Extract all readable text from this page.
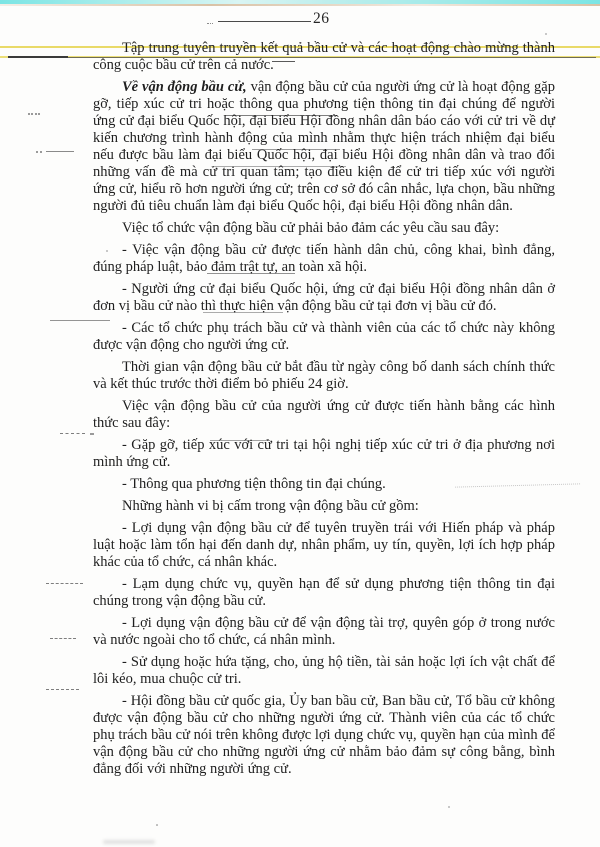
26

Tập trung tuyên truyền kết quả bầu cử và các hoạt động chào mừng thành công cuộc bầu cử trên cả nước.

Về vận động bầu cử, vận động bầu cử của người ứng cử là hoạt động gặp gỡ, tiếp xúc cử tri hoặc thông qua phương tiện thông tin đại chúng để người ứng cử đại biểu Quốc hội, đại biểu Hội đồng nhân dân báo cáo với cử tri về dự kiến chương trình hành động của mình nhằm thực hiện trách nhiệm đại biểu nếu được bầu làm đại biểu Quốc hội, đại biểu Hội đồng nhân dân và trao đổi những vấn đề mà cử tri quan tâm; tạo điều kiện để cử tri tiếp xúc với người ứng cử, hiểu rõ hơn người ứng cử; trên cơ sở đó cân nhắc, lựa chọn, bầu những người đủ tiêu chuẩn làm đại biểu Quốc hội, đại biểu Hội đồng nhân dân.

Việc tổ chức vận động bầu cử phải bảo đảm các yêu cầu sau đây:

- Việc vận động bầu cử được tiến hành dân chủ, công khai, bình đẳng, đúng pháp luật, bảo đảm trật tự, an toàn xã hội.

- Người ứng cử đại biểu Quốc hội, ứng cử đại biểu Hội đồng nhân dân ở đơn vị bầu cử nào thì thực hiện vận động bầu cử tại đơn vị bầu cử đó.

- Các tổ chức phụ trách bầu cử và thành viên của các tổ chức này không được vận động cho người ứng cử.

Thời gian vận động bầu cử bắt đầu từ ngày công bố danh sách chính thức và kết thúc trước thời điểm bỏ phiếu 24 giờ.

Việc vận động bầu cử của người ứng cử được tiến hành bằng các hình thức sau đây:

- Gặp gỡ, tiếp xúc với cử tri tại hội nghị tiếp xúc cử tri ở địa phương nơi mình ứng cử.

- Thông qua phương tiện thông tin đại chúng.

Những hành vi bị cấm trong vận động bầu cử gồm:

- Lợi dụng vận động bầu cử để tuyên truyền trái với Hiến pháp và pháp luật hoặc làm tổn hại đến danh dự, nhân phẩm, uy tín, quyền, lợi ích hợp pháp khác của tổ chức, cá nhân khác.

- Lạm dụng chức vụ, quyền hạn để sử dụng phương tiện thông tin đại chúng trong vận động bầu cử.

- Lợi dụng vận động bầu cử để vận động tài trợ, quyên góp ở trong nước và nước ngoài cho tổ chức, cá nhân mình.

- Sử dụng hoặc hứa tặng, cho, ủng hộ tiền, tài sản hoặc lợi ích vật chất để lôi kéo, mua chuộc cử tri.

- Hội đồng bầu cử quốc gia, Ủy ban bầu cử, Ban bầu cử, Tổ bầu cử không được vận động bầu cử cho những người ứng cử. Thành viên của các tổ chức phụ trách bầu cử nói trên không được lợi dụng chức vụ, quyền hạn của mình để vận động bầu cử cho những người ứng cử nhằm bảo đảm sự công bằng, bình đẳng đối với những người ứng cử.
